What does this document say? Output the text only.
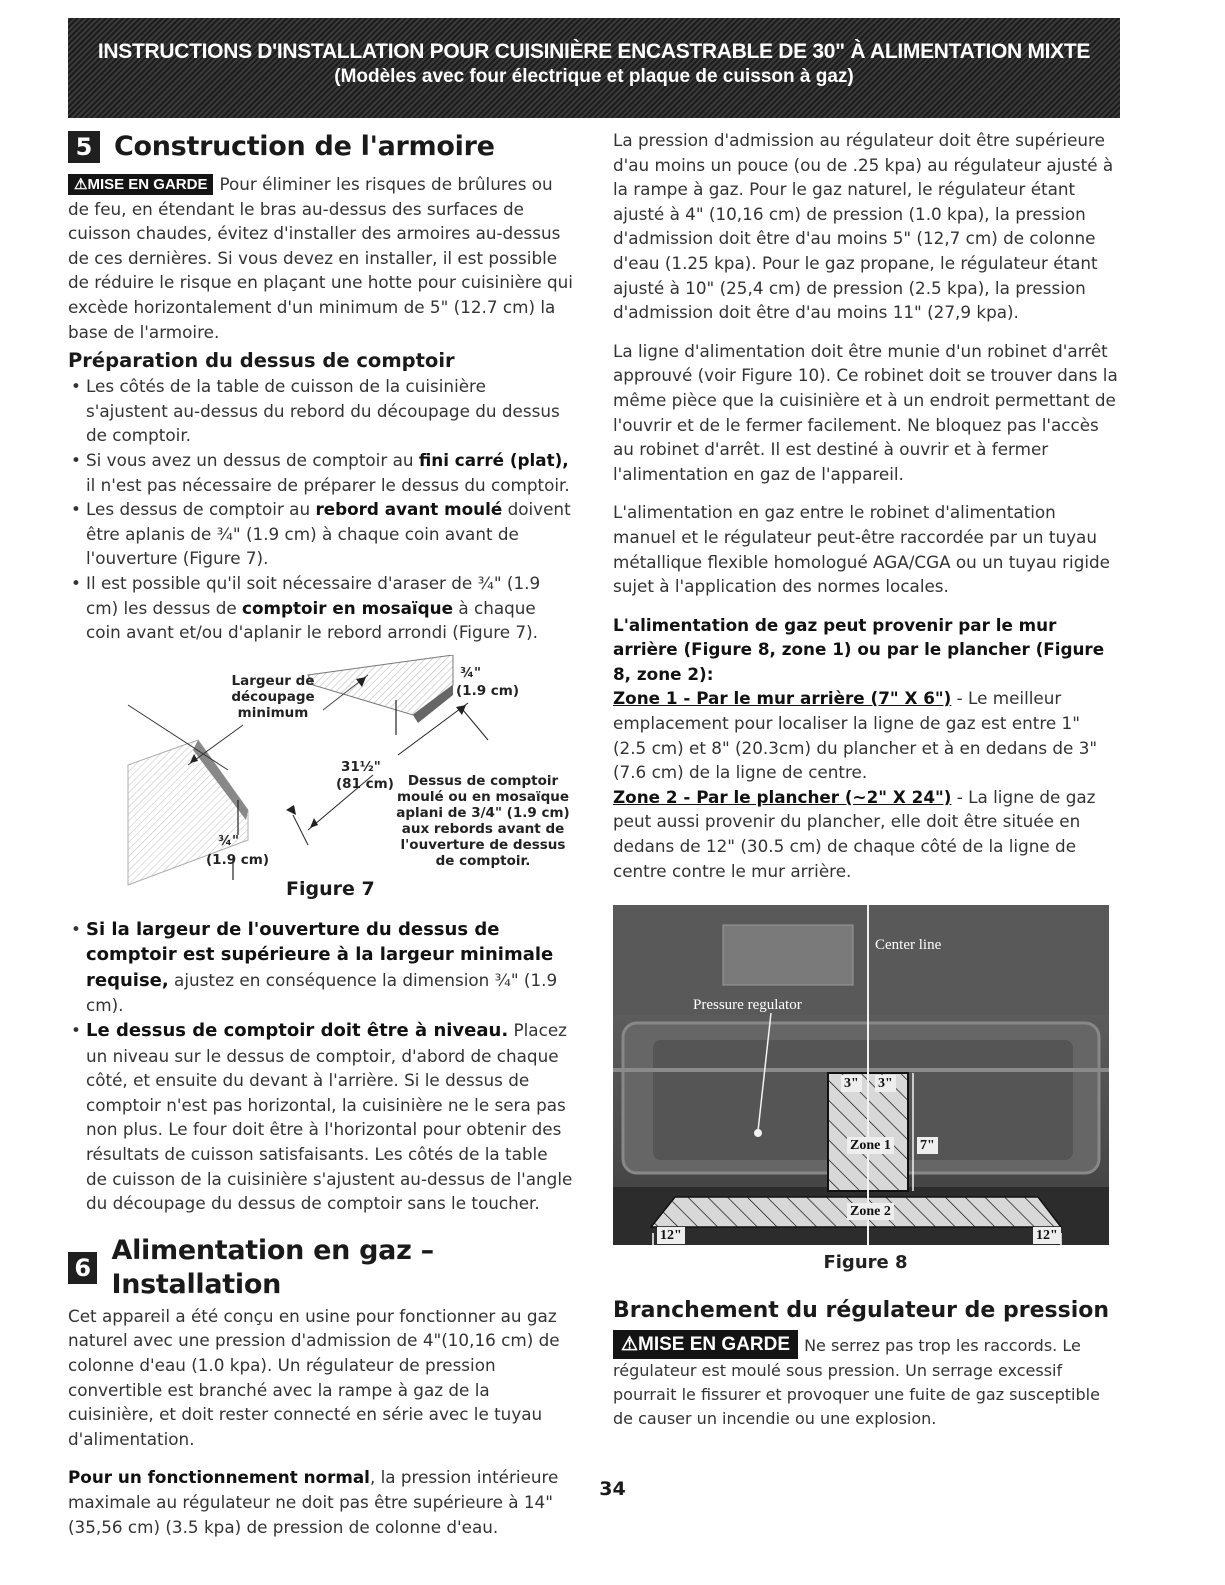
INSTRUCTIONS D'INSTALLATION POUR CUISINIÈRE ENCASTRABLE DE 30" À ALIMENTATION MIXTE
(Modèles avec four électrique et plaque de cuisson à gaz)
5 Construction de l'armoire

⚠MISE EN GARDE Pour éliminer les risques de brûlures ou de feu, en étendant le bras au-dessus des surfaces de cuisson chaudes, évitez d'installer des armoires au-dessus de ces dernières. Si vous devez en installer, il est possible de réduire le risque en plaçant une hotte pour cuisinière qui excède horizontalement d'un minimum de 5" (12.7 cm) la base de l'armoire.

Préparation du dessus de comptoir
• Les côtés de la table de cuisson de la cuisinière s'ajustent au-dessus du rebord du découpage du dessus de comptoir.
• Si vous avez un dessus de comptoir au fini carré (plat), il n'est pas nécessaire de préparer le dessus du comptoir.
• Les dessus de comptoir au rebord avant moulé doivent être aplanis de ¾" (1.9 cm) à chaque coin avant de l'ouverture (Figure 7).
• Il est possible qu'il soit nécessaire d'araser de ¾" (1.9 cm) les dessus de comptoir en mosaïque à chaque coin avant et/ou d'aplanir le rebord arrondi (Figure 7).
Largeur de découpage minimum
¾"
(1.9 cm)
31½"
(81 cm)	Dessus de comptoir moulé ou en mosaïque aplani de 3/4" (1.9 cm) aux rebords avant de l'ouverture de dessus de comptoir.
¾"
(1.9 cm)
Figure 7
• Si la largeur de l'ouverture du dessus de comptoir est supérieure à la largeur minimale requise, ajustez en conséquence la dimension ¾" (1.9 cm).
• Le dessus de comptoir doit être à niveau. Placez un niveau sur le dessus de comptoir, d'abord de chaque côté, et ensuite du devant à l'arrière. Si le dessus de comptoir n'est pas horizontal, la cuisinière ne le sera pas non plus. Le four doit être à l'horizontal pour obtenir des résultats de cuisson satisfaisants. Les côtés de la table de cuisson de la cuisinière s'ajustent au-dessus de l'angle du découpage du dessus de comptoir sans le toucher.
6
Alimentation en gaz – Installation

Cet appareil a été conçu en usine pour fonctionner au gaz naturel avec une pression d'admission de 4"(10,16 cm) de colonne d'eau (1.0 kpa). Un régulateur de pression convertible est branché avec la rampe à gaz de la cuisinière, et doit rester connecté en série avec le tuyau d'alimentation.

Pour un fonctionnement normal, la pression intérieure maximale au régulateur ne doit pas être supérieure à 14" (35,56 cm) (3.5 kpa) de pression de colonne d'eau.

La pression d'admission au régulateur doit être supérieure d'au moins un pouce (ou de .25 kpa) au régulateur ajusté à la rampe à gaz. Pour le gaz naturel, le régulateur étant ajusté à 4" (10,16 cm) de pression (1.0 kpa), la pression d'admission doit être d'au moins 5" (12,7 cm) de colonne d'eau (1.25 kpa). Pour le gaz propane, le régulateur étant ajusté à 10" (25,4 cm) de pression (2.5 kpa), la pression d'admission doit être d'au moins 11" (27,9 kpa).

La ligne d'alimentation doit être munie d'un robinet d'arrêt approuvé (voir Figure 10). Ce robinet doit se trouver dans la même pièce que la cuisinière et à un endroit permettant de l'ouvrir et de le fermer facilement. Ne bloquez pas l'accès au robinet d'arrêt. Il est destiné à ouvrir et à fermer l'alimentation en gaz de l'appareil.

L'alimentation en gaz entre le robinet d'alimentation manuel et le régulateur peut-être raccordée par un tuyau métallique flexible homologué AGA/CGA ou un tuyau rigide sujet à l'application des normes locales.

L'alimentation de gaz peut provenir par le mur arrière (Figure 8, zone 1) ou par le plancher (Figure 8, zone 2):

Zone 1 - Par le mur arrière (7" X 6") - Le meilleur emplacement pour localiser la ligne de gaz est entre 1" (2.5 cm) et 8" (20.3cm) du plancher et à en dedans de 3" (7.6 cm) de la ligne de centre.

Zone 2 - Par le plancher (~2" X 24") - La ligne de gaz peut aussi provenir du plancher, elle doit être située en dedans de 12" (30.5 cm) de chaque côté de la ligne de centre contre le mur arrière.

Center line
Pressure regulator
3" 3"
Zone 1 7"
Zone 2
12"	12"
Figure 8
Branchement du régulateur de pression

⚠MISE EN GARDE Ne serrez pas trop les raccords. Le régulateur est moulé sous pression. Un serrage excessif pourrait le fissurer et provoquer une fuite de gaz susceptible de causer un incendie ou une explosion.

34
